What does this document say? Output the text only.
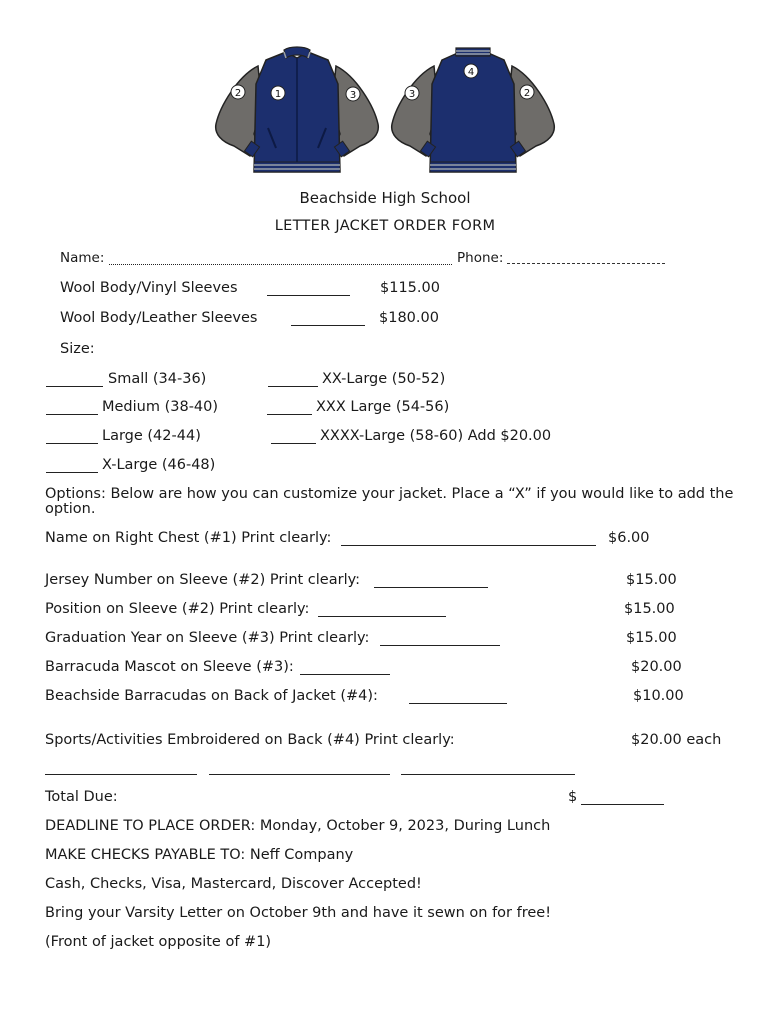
2	1	3
4
3	2
Beachside High School
LETTER JACKET ORDER FORM
Name:	Phone:
Wool Body/Vinyl Sleeves	$115.00
Wool Body/Leather Sleeves	$180.00
Size:
Small (34-36)
Medium (38-40)
Large (42-44)
X-Large (46-48)
XX-Large (50-52)
XXX Large (54-56)
XXXX-Large (58-60) Add $20.00
Options: Below are how you can customize your jacket. Place a “X” if you would like to add the option.
Name on Right Chest (#1) Print clearly:	$6.00
Jersey Number on Sleeve (#2) Print clearly:	$15.00
Position on Sleeve (#2) Print clearly:	$15.00
Graduation Year on Sleeve (#3) Print clearly:	$15.00
Barracuda Mascot on Sleeve (#3):	$20.00
Beachside Barracudas on Back of Jacket (#4):	$10.00
Sports/Activities Embroidered on Back (#4) Print clearly:	$20.00 each
Total Due:	$
DEADLINE TO PLACE ORDER: Monday, October 9, 2023, During Lunch
MAKE CHECKS PAYABLE TO: Neff Company
Cash, Checks, Visa, Mastercard, Discover Accepted!
Bring your Varsity Letter on October 9th and have it sewn on for free!
(Front of jacket opposite of #1)
